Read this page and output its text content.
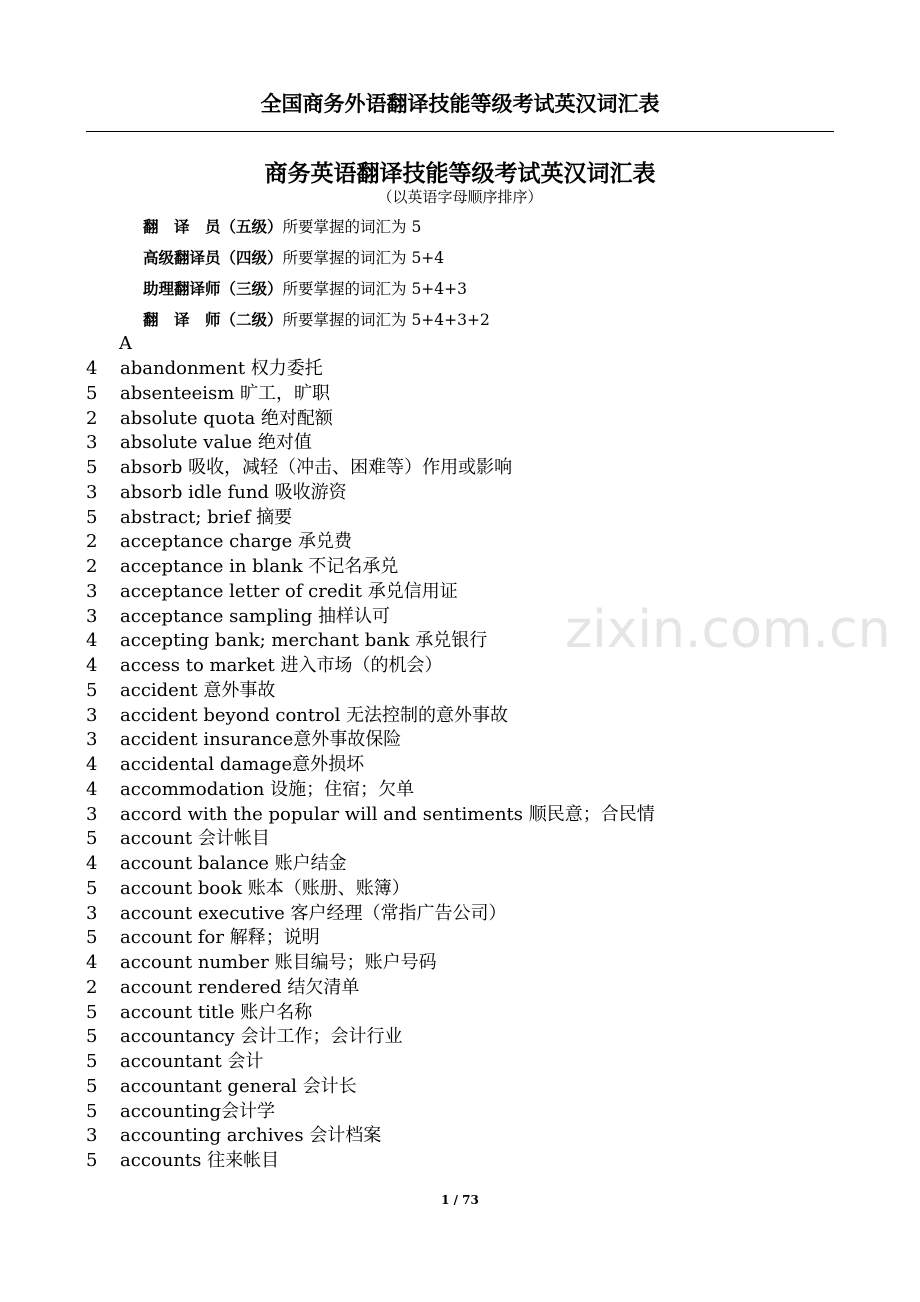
全国商务外语翻译技能等级考试英汉词汇表
商务英语翻译技能等级考试英汉词汇表
（以英语字母顺序排序）
翻　译　员（五级）所要掌握的词汇为 5
高级翻译员（四级）所要掌握的词汇为 5+4
助理翻译师（三级）所要掌握的词汇为 5+4+3
翻　译　师（二级）所要掌握的词汇为 5+4+3+2
A
4 abandonment 权力委托
5 absenteeism 旷工，旷职
2 absolute quota 绝对配额
3 absolute value 绝对值
5 absorb 吸收，减轻（冲击、困难等）作用或影响
3 absorb idle fund 吸收游资
5 abstract; brief 摘要
2 acceptance charge 承兑费
2 acceptance in blank 不记名承兑
3 acceptance letter of credit 承兑信用证
3 acceptance sampling 抽样认可
4 accepting bank; merchant bank 承兑银行
4 access to market 进入市场（的机会）
5 accident 意外事故
3 accident beyond control 无法控制的意外事故
3 accident insurance意外事故保险
4 accidental damage意外损坏
4 accommodation 设施；住宿；欠单
3 accord with the popular will and sentiments 顺民意；合民情
5 account 会计帐目
4 account balance 账户结金
5 account book 账本（账册、账簿）
3 account executive 客户经理（常指广告公司）
5 account for 解释；说明
4 account number 账目编号；账户号码
2 account rendered 结欠清单
5 account title 账户名称
5 accountancy 会计工作；会计行业
5 accountant 会计
5 accountant general 会计长
5 accounting会计学
3 accounting archives 会计档案
5 accounts 往来帐目
zixin.com.cn
1 / 73
